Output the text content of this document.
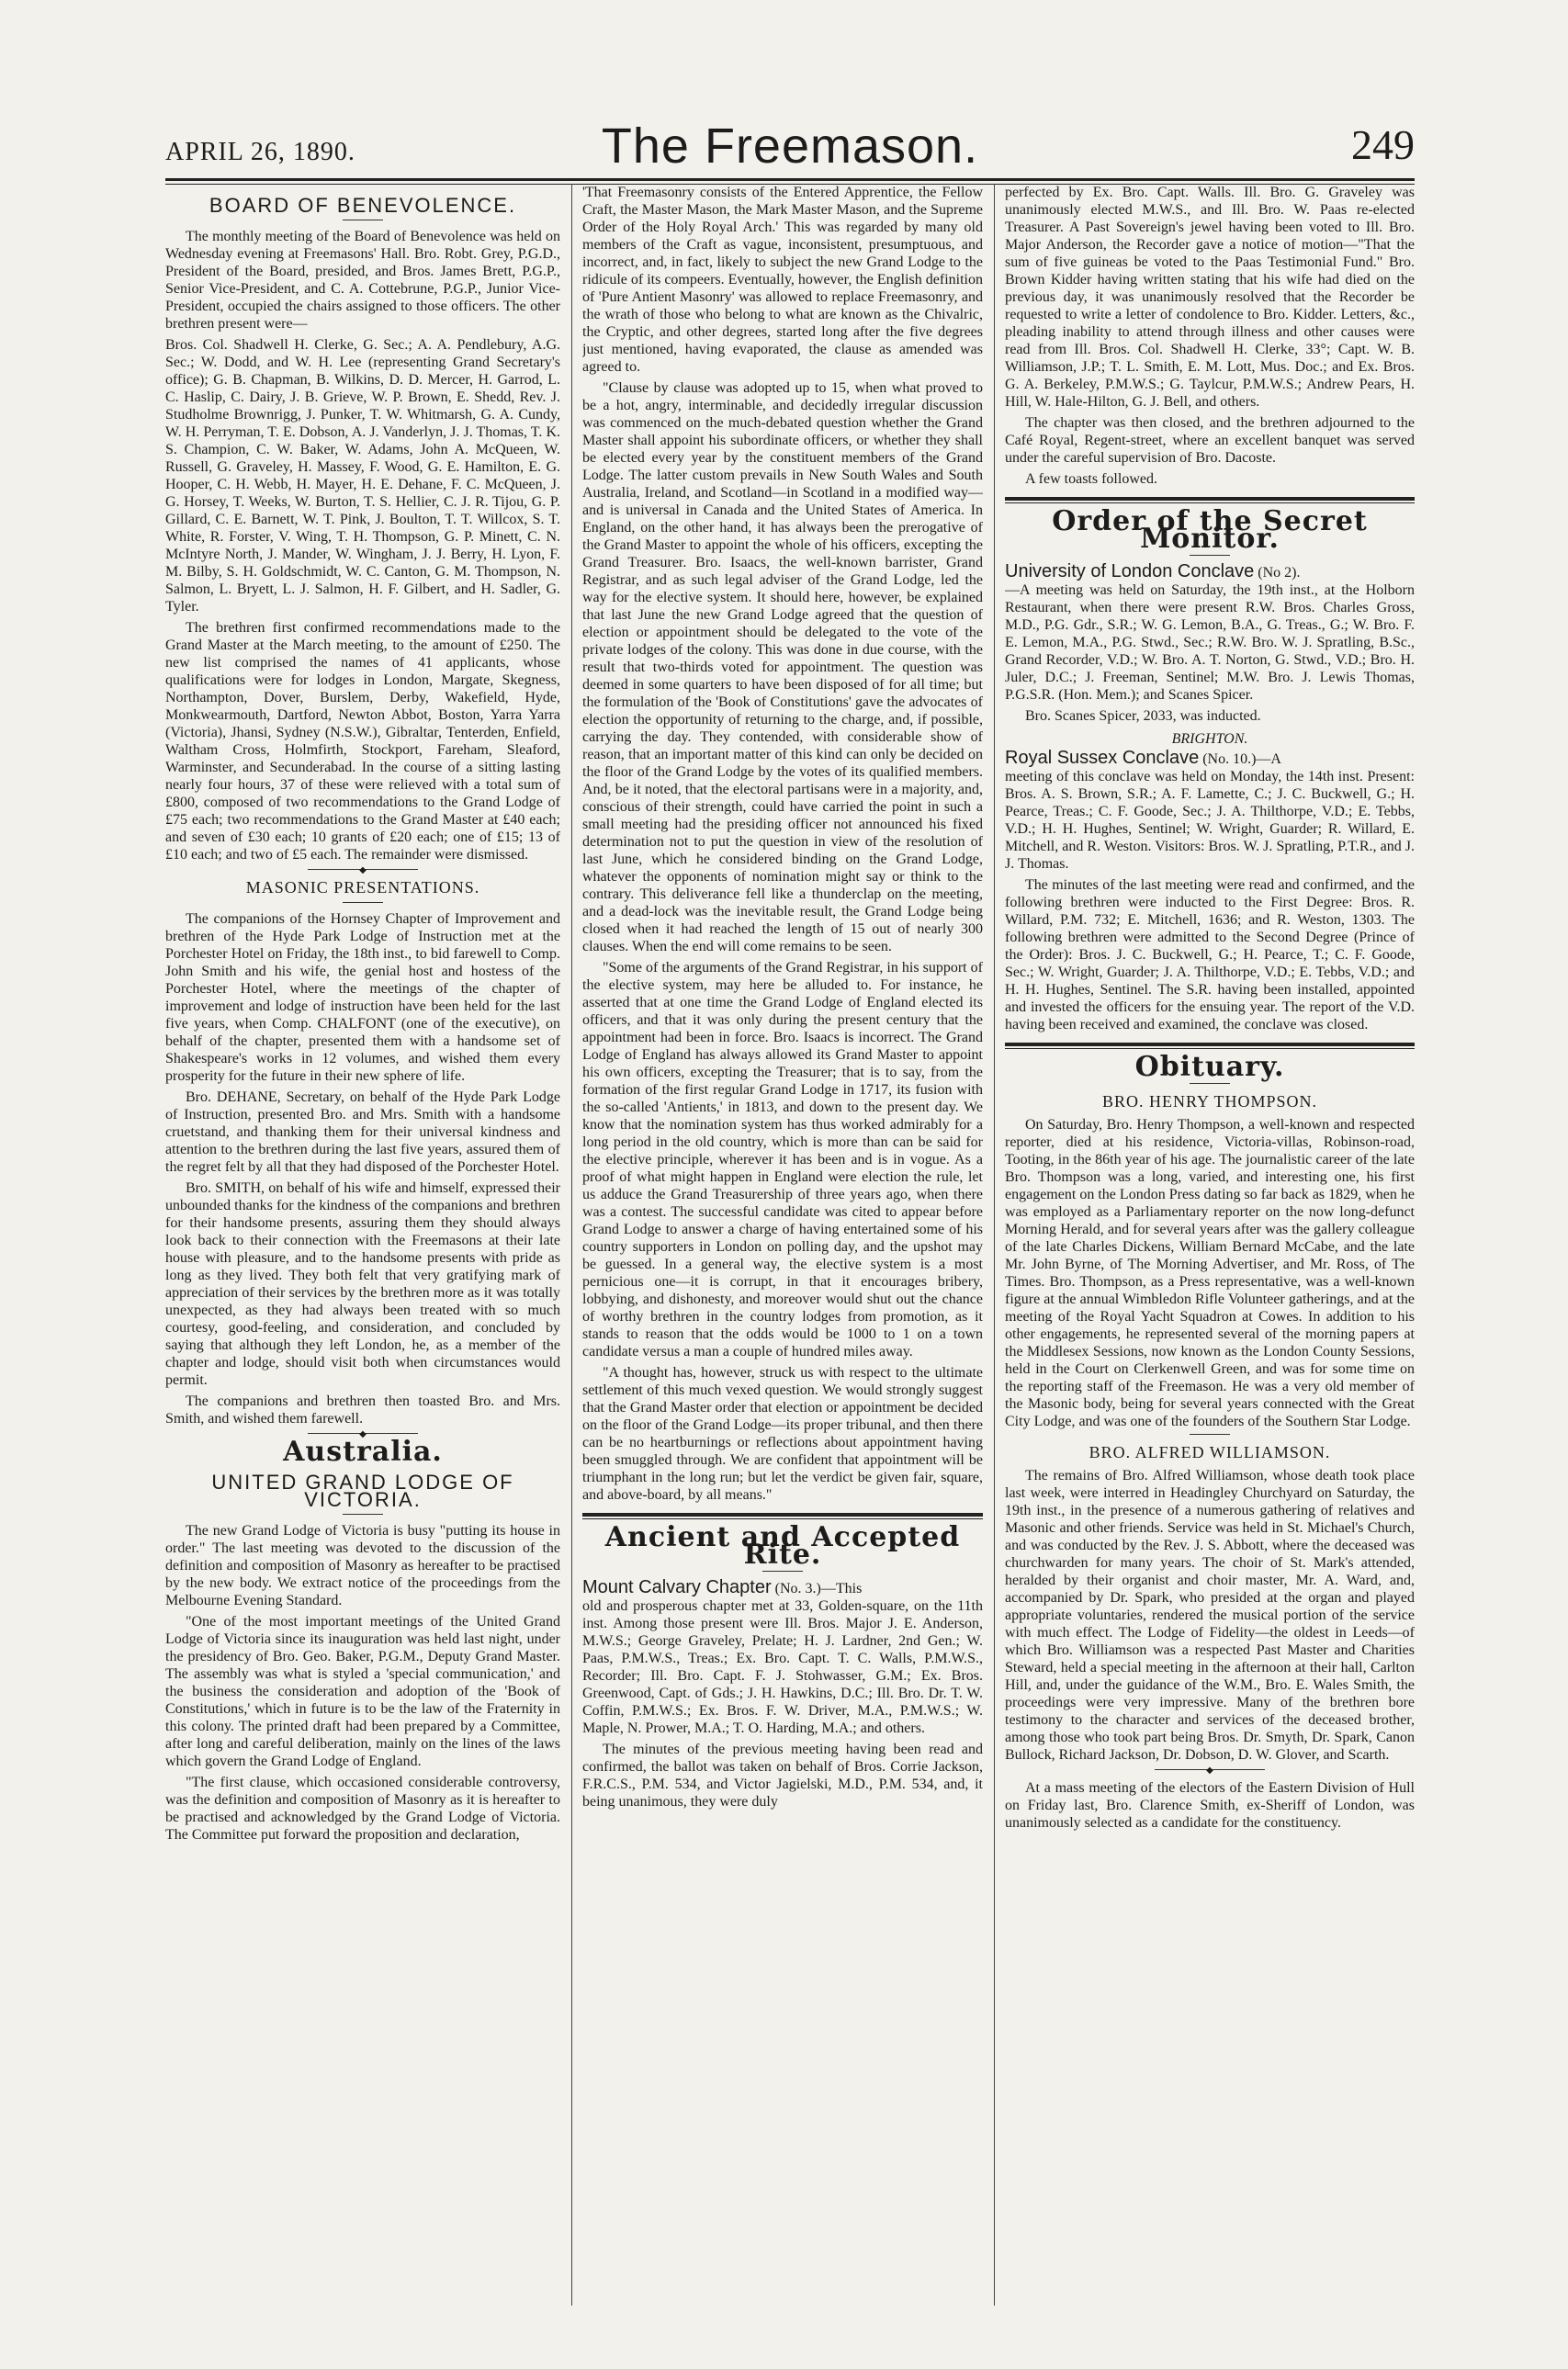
APRIL 26, 1890.	The Freemason.	249
BOARD OF BENEVOLENCE.

The monthly meeting of the Board of Benevolence was held on Wednesday evening at Freemasons' Hall. Bro. Robt. Grey, P.G.D., President of the Board, presided, and Bros. James Brett, P.G.P., Senior Vice-President, and C. A. Cottebrune, P.G.P., Junior Vice-President, occupied the chairs assigned to those officers. The other brethren present were—

Bros. Col. Shadwell H. Clerke, G. Sec.; A. A. Pendlebury, A.G. Sec.; W. Dodd, and W. H. Lee (representing Grand Secretary's office); G. B. Chapman, B. Wilkins, D. D. Mercer, H. Garrod, L. C. Haslip, C. Dairy, J. B. Grieve, W. P. Brown, E. Shedd, Rev. J. Studholme Brownrigg, J. Punker, T. W. Whitmarsh, G. A. Cundy, W. H. Perryman, T. E. Dobson, A. J. Vanderlyn, J. J. Thomas, T. K. S. Champion, C. W. Baker, W. Adams, John A. McQueen, W. Russell, G. Graveley, H. Massey, F. Wood, G. E. Hamilton, E. G. Hooper, C. H. Webb, H. Mayer, H. E. Dehane, F. C. McQueen, J. G. Horsey, T. Weeks, W. Burton, T. S. Hellier, C. J. R. Tijou, G. P. Gillard, C. E. Barnett, W. T. Pink, J. Boulton, T. T. Willcox, S. T. White, R. Forster, V. Wing, T. H. Thompson, G. P. Minett, C. N. McIntyre North, J. Mander, W. Wingham, J. J. Berry, H. Lyon, F. M. Bilby, S. H. Goldschmidt, W. C. Canton, G. M. Thompson, N. Salmon, L. Bryett, L. J. Salmon, H. F. Gilbert, and H. Sadler, G. Tyler.

The brethren first confirmed recommendations made to the Grand Master at the March meeting, to the amount of £250. The new list comprised the names of 41 applicants, whose qualifications were for lodges in London, Margate, Skegness, Northampton, Dover, Burslem, Derby, Wakefield, Hyde, Monkwearmouth, Dartford, Newton Abbot, Boston, Yarra Yarra (Victoria), Jhansi, Sydney (N.S.W.), Gibraltar, Tenterden, Enfield, Waltham Cross, Holmfirth, Stockport, Fareham, Sleaford, Warminster, and Secunderabad. In the course of a sitting lasting nearly four hours, 37 of these were relieved with a total sum of £800, composed of two recommendations to the Grand Lodge of £75 each; two recommendations to the Grand Master at £40 each; and seven of £30 each; 10 grants of £20 each; one of £15; 13 of £10 each; and two of £5 each. The remainder were dismissed.

◆
MASONIC PRESENTATIONS.

The companions of the Hornsey Chapter of Improvement and brethren of the Hyde Park Lodge of Instruction met at the Porchester Hotel on Friday, the 18th inst., to bid farewell to Comp. John Smith and his wife, the genial host and hostess of the Porchester Hotel, where the meetings of the chapter of improvement and lodge of instruction have been held for the last five years, when Comp. CHALFONT (one of the executive), on behalf of the chapter, presented them with a handsome set of Shakespeare's works in 12 volumes, and wished them every prosperity for the future in their new sphere of life.

Bro. DEHANE, Secretary, on behalf of the Hyde Park Lodge of Instruction, presented Bro. and Mrs. Smith with a handsome cruetstand, and thanking them for their universal kindness and attention to the brethren during the last five years, assured them of the regret felt by all that they had disposed of the Porchester Hotel.

Bro. SMITH, on behalf of his wife and himself, expressed their unbounded thanks for the kindness of the companions and brethren for their handsome presents, assuring them they should always look back to their connection with the Freemasons at their late house with pleasure, and to the handsome presents with pride as long as they lived. They both felt that very gratifying mark of appreciation of their services by the brethren more as it was totally unexpected, as they had always been treated with so much courtesy, good-feeling, and consideration, and concluded by saying that although they left London, he, as a member of the chapter and lodge, should visit both when circumstances would permit.

The companions and brethren then toasted Bro. and Mrs. Smith, and wished them farewell.

◆
Australia.
UNITED GRAND LODGE OF VICTORIA.

The new Grand Lodge of Victoria is busy "putting its house in order." The last meeting was devoted to the discussion of the definition and composition of Masonry as hereafter to be practised by the new body. We extract notice of the proceedings from the Melbourne Evening Standard.

"One of the most important meetings of the United Grand Lodge of Victoria since its inauguration was held last night, under the presidency of Bro. Geo. Baker, P.G.M., Deputy Grand Master. The assembly was what is styled a 'special communication,' and the business the consideration and adoption of the 'Book of Constitutions,' which in future is to be the law of the Fraternity in this colony. The printed draft had been prepared by a Committee, after long and careful deliberation, mainly on the lines of the laws which govern the Grand Lodge of England.

"The first clause, which occasioned considerable controversy, was the definition and composition of Masonry as it is hereafter to be practised and acknowledged by the Grand Lodge of Victoria. The Committee put forward the proposition and declaration,

'That Freemasonry consists of the Entered Apprentice, the Fellow Craft, the Master Mason, the Mark Master Mason, and the Supreme Order of the Holy Royal Arch.' This was regarded by many old members of the Craft as vague, inconsistent, presumptuous, and incorrect, and, in fact, likely to subject the new Grand Lodge to the ridicule of its compeers. Eventually, however, the English definition of 'Pure Antient Masonry' was allowed to replace Freemasonry, and the wrath of those who belong to what are known as the Chivalric, the Cryptic, and other degrees, started long after the five degrees just mentioned, having evaporated, the clause as amended was agreed to.

"Clause by clause was adopted up to 15, when what proved to be a hot, angry, interminable, and decidedly irregular discussion was commenced on the much-debated question whether the Grand Master shall appoint his subordinate officers, or whether they shall be elected every year by the constituent members of the Grand Lodge. The latter custom prevails in New South Wales and South Australia, Ireland, and Scotland—in Scotland in a modified way—and is universal in Canada and the United States of America. In England, on the other hand, it has always been the prerogative of the Grand Master to appoint the whole of his officers, excepting the Grand Treasurer. Bro. Isaacs, the well-known barrister, Grand Registrar, and as such legal adviser of the Grand Lodge, led the way for the elective system. It should here, however, be explained that last June the new Grand Lodge agreed that the question of election or appointment should be delegated to the vote of the private lodges of the colony. This was done in due course, with the result that two-thirds voted for appointment. The question was deemed in some quarters to have been disposed of for all time; but the formulation of the 'Book of Constitutions' gave the advocates of election the opportunity of returning to the charge, and, if possible, carrying the day. They contended, with considerable show of reason, that an important matter of this kind can only be decided on the floor of the Grand Lodge by the votes of its qualified members. And, be it noted, that the electoral partisans were in a majority, and, conscious of their strength, could have carried the point in such a small meeting had the presiding officer not announced his fixed determination not to put the question in view of the resolution of last June, which he considered binding on the Grand Lodge, whatever the opponents of nomination might say or think to the contrary. This deliverance fell like a thunderclap on the meeting, and a dead-lock was the inevitable result, the Grand Lodge being closed when it had reached the length of 15 out of nearly 300 clauses. When the end will come remains to be seen.

"Some of the arguments of the Grand Registrar, in his support of the elective system, may here be alluded to. For instance, he asserted that at one time the Grand Lodge of England elected its officers, and that it was only during the present century that the appointment had been in force. Bro. Isaacs is incorrect. The Grand Lodge of England has always allowed its Grand Master to appoint his own officers, excepting the Treasurer; that is to say, from the formation of the first regular Grand Lodge in 1717, its fusion with the so-called 'Antients,' in 1813, and down to the present day. We know that the nomination system has thus worked admirably for a long period in the old country, which is more than can be said for the elective principle, wherever it has been and is in vogue. As a proof of what might happen in England were election the rule, let us adduce the Grand Treasurership of three years ago, when there was a contest. The successful candidate was cited to appear before Grand Lodge to answer a charge of having entertained some of his country supporters in London on polling day, and the upshot may be guessed. In a general way, the elective system is a most pernicious one—it is corrupt, in that it encourages bribery, lobbying, and dishonesty, and moreover would shut out the chance of worthy brethren in the country lodges from promotion, as it stands to reason that the odds would be 1000 to 1 on a town candidate versus a man a couple of hundred miles away.

"A thought has, however, struck us with respect to the ultimate settlement of this much vexed question. We would strongly suggest that the Grand Master order that election or appointment be decided on the floor of the Grand Lodge—its proper tribunal, and then there can be no heartburnings or reflections about appointment having been smuggled through. We are confident that appointment will be triumphant in the long run; but let the verdict be given fair, square, and above-board, by all means."

Ancient and Accepted Rite.
Mount Calvary Chapter (No. 3.)—This

old and prosperous chapter met at 33, Golden-square, on the 11th inst. Among those present were Ill. Bros. Major J. E. Anderson, M.W.S.; George Graveley, Prelate; H. J. Lardner, 2nd Gen.; W. Paas, P.M.W.S., Treas.; Ex. Bro. Capt. T. C. Walls, P.M.W.S., Recorder; Ill. Bro. Capt. F. J. Stohwasser, G.M.; Ex. Bros. Greenwood, Capt. of Gds.; J. H. Hawkins, D.C.; Ill. Bro. Dr. T. W. Coffin, P.M.W.S.; Ex. Bros. F. W. Driver, M.A., P.M.W.S.; W. Maple, N. Prower, M.A.; T. O. Harding, M.A.; and others.

The minutes of the previous meeting having been read and confirmed, the ballot was taken on behalf of Bros. Corrie Jackson, F.R.C.S., P.M. 534, and Victor Jagielski, M.D., P.M. 534, and, it being unanimous, they were duly

perfected by Ex. Bro. Capt. Walls. Ill. Bro. G. Graveley was unanimously elected M.W.S., and Ill. Bro. W. Paas re-elected Treasurer. A Past Sovereign's jewel having been voted to Ill. Bro. Major Anderson, the Recorder gave a notice of motion—"That the sum of five guineas be voted to the Paas Testimonial Fund." Bro. Brown Kidder having written stating that his wife had died on the previous day, it was unanimously resolved that the Recorder be requested to write a letter of condolence to Bro. Kidder. Letters, &c., pleading inability to attend through illness and other causes were read from Ill. Bros. Col. Shadwell H. Clerke, 33°; Capt. W. B. Williamson, J.P.; T. L. Smith, E. M. Lott, Mus. Doc.; and Ex. Bros. G. A. Berkeley, P.M.W.S.; G. Taylcur, P.M.W.S.; Andrew Pears, H. Hill, W. Hale-Hilton, G. J. Bell, and others.

The chapter was then closed, and the brethren adjourned to the Café Royal, Regent-street, where an excellent banquet was served under the careful supervision of Bro. Dacoste.

A few toasts followed.

Order of the Secret Monitor.
University of London Conclave (No 2).

—A meeting was held on Saturday, the 19th inst., at the Holborn Restaurant, when there were present R.W. Bros. Charles Gross, M.D., P.G. Gdr., S.R.; W. G. Lemon, B.A., G. Treas., G.; W. Bro. F. E. Lemon, M.A., P.G. Stwd., Sec.; R.W. Bro. W. J. Spratling, B.Sc., Grand Recorder, V.D.; W. Bro. A. T. Norton, G. Stwd., V.D.; Bro. H. Juler, D.C.; J. Freeman, Sentinel; M.W. Bro. J. Lewis Thomas, P.G.S.R. (Hon. Mem.); and Scanes Spicer.

Bro. Scanes Spicer, 2033, was inducted.

BRIGHTON.
Royal Sussex Conclave (No. 10.)—A

meeting of this conclave was held on Monday, the 14th inst. Present: Bros. A. S. Brown, S.R.; A. F. Lamette, C.; J. C. Buckwell, G.; H. Pearce, Treas.; C. F. Goode, Sec.; J. A. Thilthorpe, V.D.; E. Tebbs, V.D.; H. H. Hughes, Sentinel; W. Wright, Guarder; R. Willard, E. Mitchell, and R. Weston. Visitors: Bros. W. J. Spratling, P.T.R., and J. J. Thomas.

The minutes of the last meeting were read and confirmed, and the following brethren were inducted to the First Degree: Bros. R. Willard, P.M. 732; E. Mitchell, 1636; and R. Weston, 1303. The following brethren were admitted to the Second Degree (Prince of the Order): Bros. J. C. Buckwell, G.; H. Pearce, T.; C. F. Goode, Sec.; W. Wright, Guarder; J. A. Thilthorpe, V.D.; E. Tebbs, V.D.; and H. H. Hughes, Sentinel. The S.R. having been installed, appointed and invested the officers for the ensuing year. The report of the V.D. having been received and examined, the conclave was closed.

Obituary.
BRO. HENRY THOMPSON.

On Saturday, Bro. Henry Thompson, a well-known and respected reporter, died at his residence, Victoria-villas, Robinson-road, Tooting, in the 86th year of his age. The journalistic career of the late Bro. Thompson was a long, varied, and interesting one, his first engagement on the London Press dating so far back as 1829, when he was employed as a Parliamentary reporter on the now long-defunct Morning Herald, and for several years after was the gallery colleague of the late Charles Dickens, William Bernard McCabe, and the late Mr. John Byrne, of The Morning Advertiser, and Mr. Ross, of The Times. Bro. Thompson, as a Press representative, was a well-known figure at the annual Wimbledon Rifle Volunteer gatherings, and at the meeting of the Royal Yacht Squadron at Cowes. In addition to his other engagements, he represented several of the morning papers at the Middlesex Sessions, now known as the London County Sessions, held in the Court on Clerkenwell Green, and was for some time on the reporting staff of the Freemason. He was a very old member of the Masonic body, being for several years connected with the Great City Lodge, and was one of the founders of the Southern Star Lodge.

BRO. ALFRED WILLIAMSON.

The remains of Bro. Alfred Williamson, whose death took place last week, were interred in Headingley Churchyard on Saturday, the 19th inst., in the presence of a numerous gathering of relatives and Masonic and other friends. Service was held in St. Michael's Church, and was conducted by the Rev. J. S. Abbott, where the deceased was churchwarden for many years. The choir of St. Mark's attended, heralded by their organist and choir master, Mr. A. Ward, and, accompanied by Dr. Spark, who presided at the organ and played appropriate voluntaries, rendered the musical portion of the service with much effect. The Lodge of Fidelity—the oldest in Leeds—of which Bro. Williamson was a respected Past Master and Charities Steward, held a special meeting in the afternoon at their hall, Carlton Hill, and, under the guidance of the W.M., Bro. E. Wales Smith, the proceedings were very impressive. Many of the brethren bore testimony to the character and services of the deceased brother, among those who took part being Bros. Dr. Smyth, Dr. Spark, Canon Bullock, Richard Jackson, Dr. Dobson, D. W. Glover, and Scarth.

◆

At a mass meeting of the electors of the Eastern Division of Hull on Friday last, Bro. Clarence Smith, ex-Sheriff of London, was unanimously selected as a candidate for the constituency.
